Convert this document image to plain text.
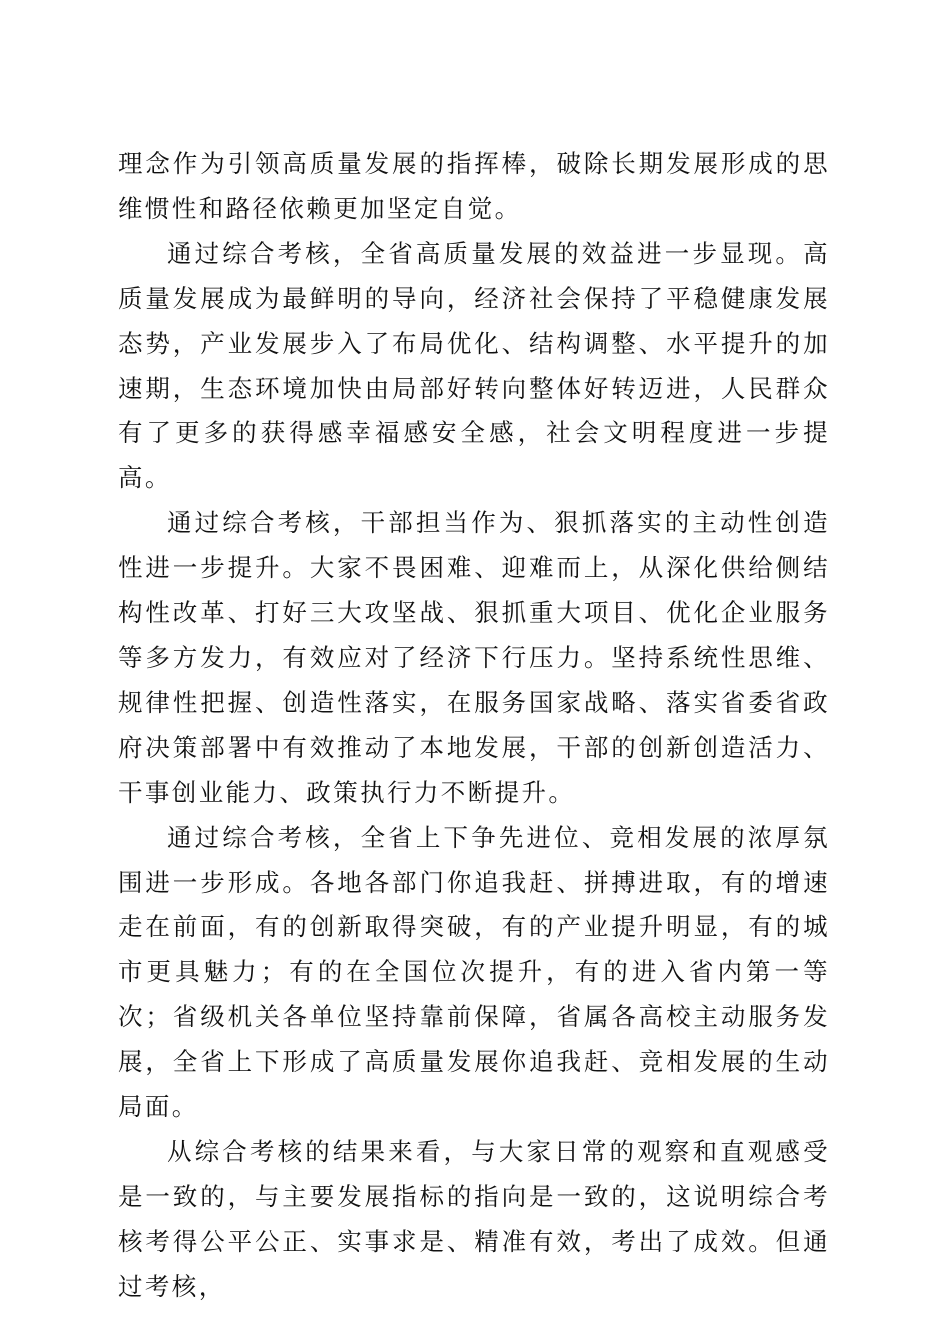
理念作为引领高质量发展的指挥棒，破除长期发展形成的思维惯性和路径依赖更加坚定自觉。

通过综合考核，全省高质量发展的效益进一步显现。高质量发展成为最鲜明的导向，经济社会保持了平稳健康发展态势，产业发展步入了布局优化、结构调整、水平提升的加速期，生态环境加快由局部好转向整体好转迈进，人民群众有了更多的获得感幸福感安全感，社会文明程度进一步提高。

通过综合考核，干部担当作为、狠抓落实的主动性创造性进一步提升。大家不畏困难、迎难而上，从深化供给侧结构性改革、打好三大攻坚战、狠抓重大项目、优化企业服务等多方发力，有效应对了经济下行压力。坚持系统性思维、规律性把握、创造性落实，在服务国家战略、落实省委省政府决策部署中有效推动了本地发展，干部的创新创造活力、干事创业能力、政策执行力不断提升。

通过综合考核，全省上下争先进位、竞相发展的浓厚氛围进一步形成。各地各部门你追我赶、拼搏进取，有的增速走在前面，有的创新取得突破，有的产业提升明显，有的城市更具魅力；有的在全国位次提升，有的进入省内第一等次；省级机关各单位坚持靠前保障，省属各高校主动服务发展，全省上下形成了高质量发展你追我赶、竞相发展的生动局面。

从综合考核的结果来看，与大家日常的观察和直观感受是一致的，与主要发展指标的指向是一致的，这说明综合考核考得公平公正、实事求是、精准有效，考出了成效。但通过考核，
